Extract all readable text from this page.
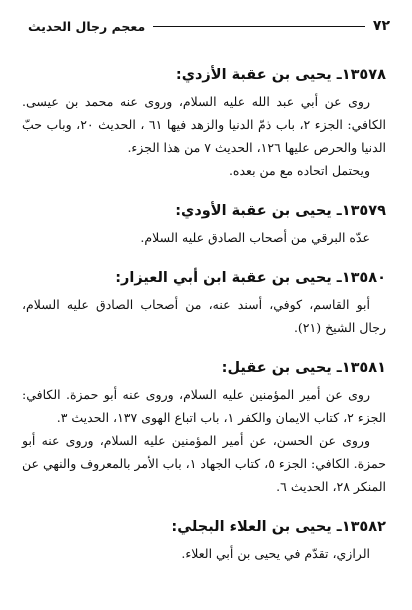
٧٢
معجم رجال الحديث
١٣٥٧٨ـ يحيى بن عقبة الأزدي:

روى عن أبي عبد الله عليه السلام، وروى عنه محمد بن عيسى. الكافي: الجزء ٢، باب ذمّ الدنيا والزهد فيها ٦١ ، الحديث ٢٠، وباب حبّ الدنيا والحرص عليها ١٢٦، الحديث ٧ من هذا الجزء.

ويحتمل اتحاده مع من بعده.

١٣٥٧٩ـ يحيى بن عقبة الأودي:

عدّه البرقي من أصحاب الصادق عليه السلام.

١٣٥٨٠ـ يحيى بن عقبة ابن أبي العيزار:

أبو القاسم، كوفي، أسند عنه، من أصحاب الصادق عليه السلام، رجال الشيخ (٢١).

١٣٥٨١ـ يحيى بن عقيل:

روى عن أمير المؤمنين عليه السلام، وروى عنه أبو حمزة. الكافي: الجزء ٢، كتاب الايمان والكفر ١، باب اتباع الهوى ١٣٧، الحديث ٣.

وروى عن الحسن، عن أمير المؤمنين عليه السلام، وروى عنه أبو حمزة. الكافي: الجزء ٥، كتاب الجهاد ١، باب الأمر بالمعروف والنهي عن المنكر ٢٨، الحديث ٦.

١٣٥٨٢ـ يحيى بن العلاء البجلي:

الرازي، تقدّم في يحيى بن أبي العلاء.
